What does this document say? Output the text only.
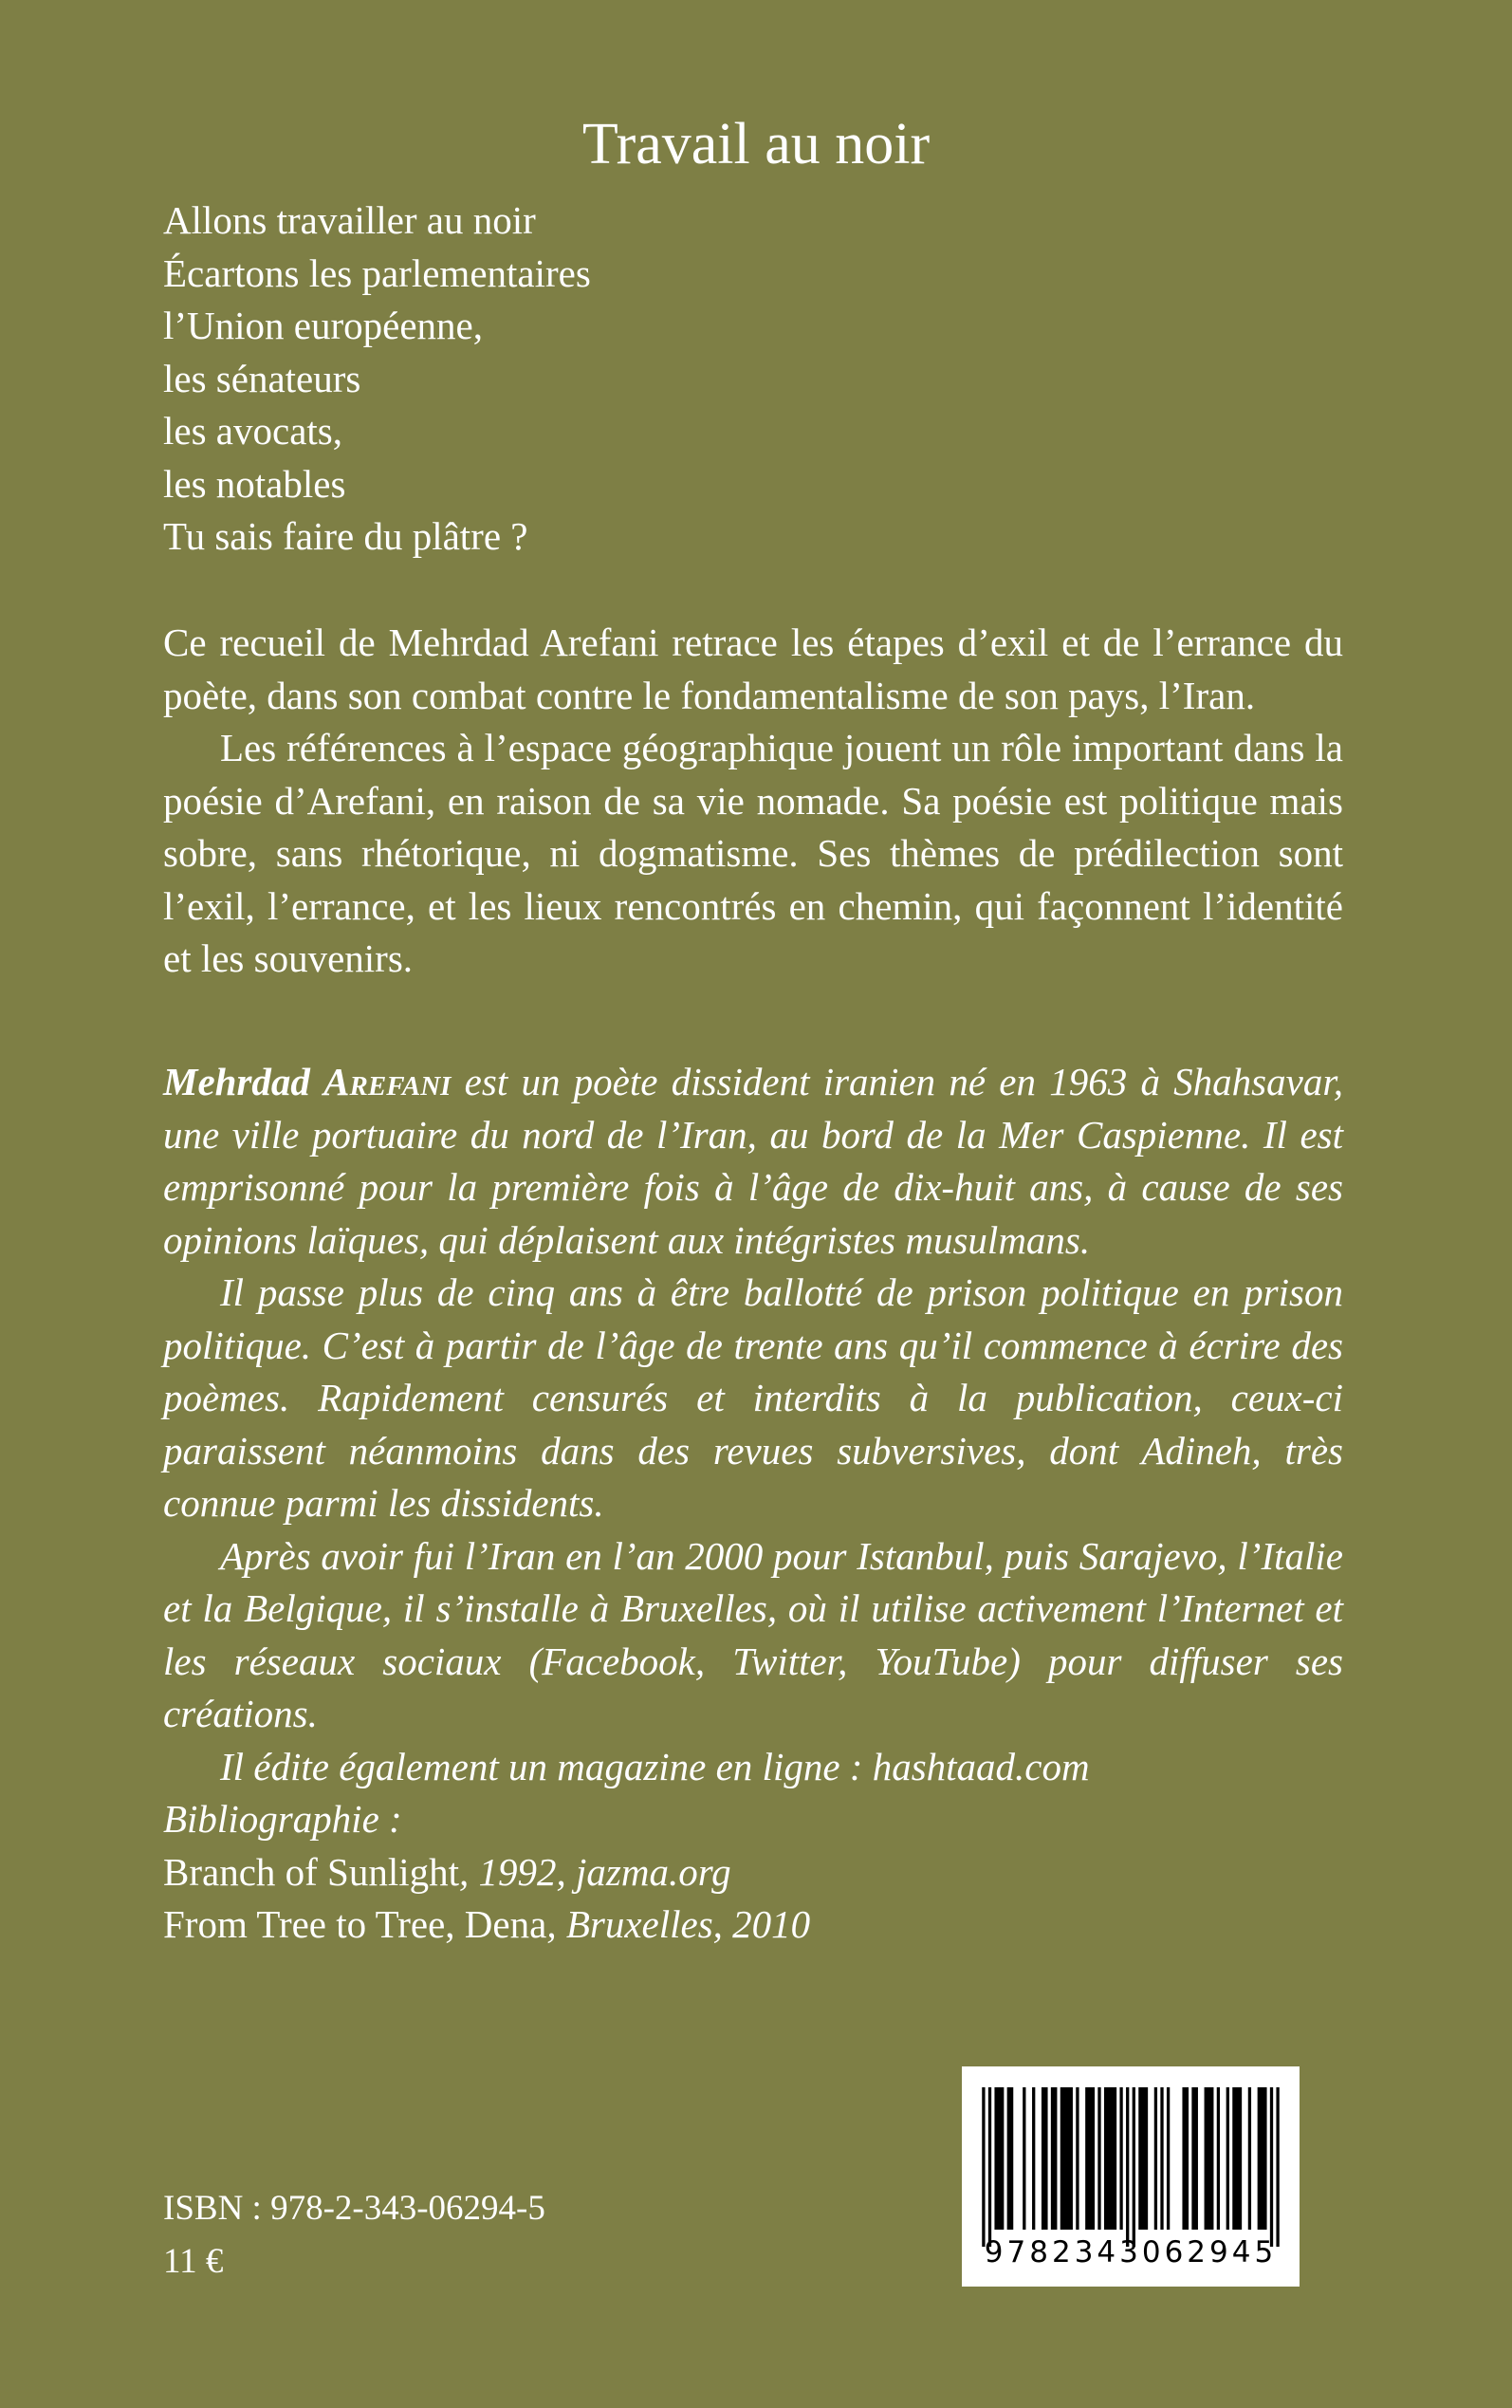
Travail au noir
Allons travailler au noir
Écartons les parlementaires
l’Union européenne,
les sénateurs
les avocats,
les notables
Tu sais faire du plâtre ?

Ce recueil de Mehrdad Arefani retrace les étapes d’exil et de l’errance du poète, dans son combat contre le fondamentalisme de son pays, l’Iran.

Les références à l’espace géographique jouent un rôle important dans la poésie d’Arefani, en raison de sa vie nomade. Sa poésie est politique mais sobre, sans rhétorique, ni dogmatisme. Ses thèmes de prédilection sont l’exil, l’errance, et les lieux rencontrés en chemin, qui façonnent l’identité et les souvenirs.

Mehrdad Arefani est un poète dissident iranien né en 1963 à Shahsavar, une ville portuaire du nord de l’Iran, au bord de la Mer Caspienne. Il est emprisonné pour la première fois à l’âge de dix-huit ans, à cause de ses opinions laïques, qui déplaisent aux intégristes musulmans.

Il passe plus de cinq ans à être ballotté de prison politique en prison politique. C’est à partir de l’âge de trente ans qu’il commence à écrire des poèmes. Rapidement censurés et interdits à la publication, ceux-ci paraissent néanmoins dans des revues subversives, dont Adineh, très connue parmi les dissidents.

Après avoir fui l’Iran en l’an 2000 pour Istanbul, puis Sarajevo, l’Italie et la Belgique, il s’installe à Bruxelles, où il utilise activement l’Internet et les réseaux sociaux (Facebook, Twitter, YouTube) pour diffuser ses créations.

Il édite également un magazine en ligne : hashtaad.com

Bibliographie :

Branch of Sunlight, 1992, jazma.org

From Tree to Tree, Dena, Bruxelles, 2010

ISBN : 978-2-343-06294-5
11 €	9782343062945
